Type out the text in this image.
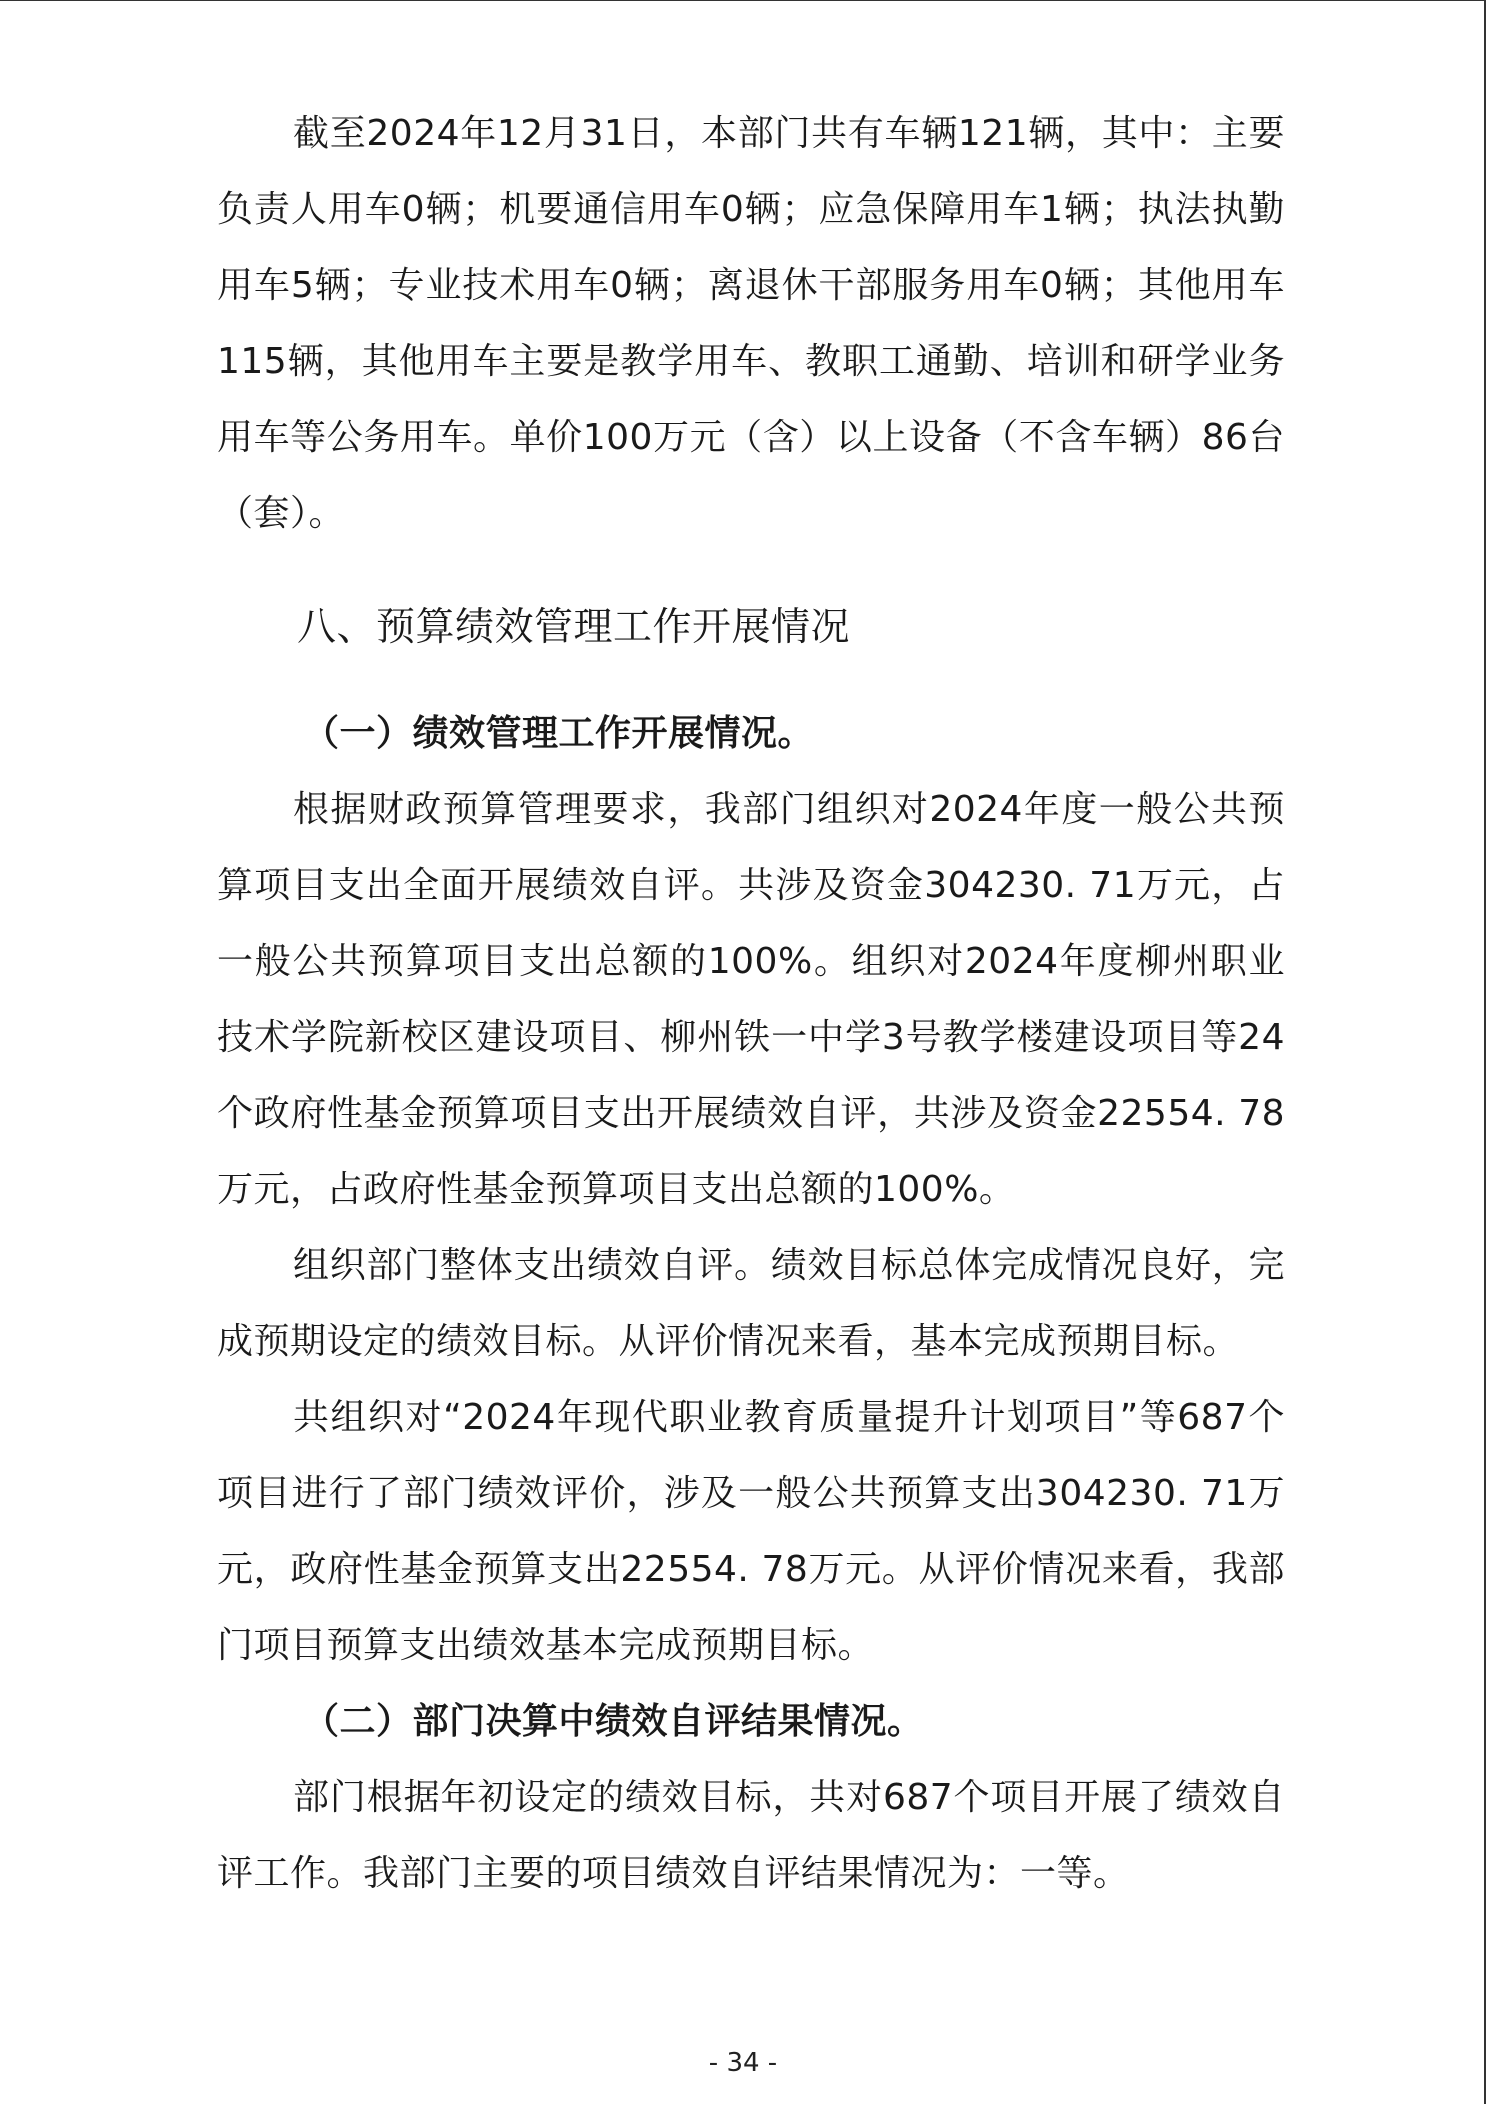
截至2024年12月31日，本部门共有车辆121辆，其中：主要负责人用车0辆；机要通信用车0辆；应急保障用车1辆；执法执勤用车5辆；专业技术用车0辆；离退休干部服务用车0辆；其他用车115辆，其他用车主要是教学用车、教职工通勤、培训和研学业务用车等公务用车。单价100万元（含）以上设备（不含车辆）86台（套）。

八、预算绩效管理工作开展情况
（一）绩效管理工作开展情况。

根据财政预算管理要求，我部门组织对2024年度一般公共预算项目支出全面开展绩效自评。共涉及资金304230. 71万元，占一般公共预算项目支出总额的100%。组织对2024年度柳州职业技术学院新校区建设项目、柳州铁一中学3号教学楼建设项目等24个政府性基金预算项目支出开展绩效自评，共涉及资金22554. 78万元，占政府性基金预算项目支出总额的100%。

组织部门整体支出绩效自评。绩效目标总体完成情况良好，完成预期设定的绩效目标。从评价情况来看，基本完成预期目标。

共组织对“2024年现代职业教育质量提升计划项目”等687个项目进行了部门绩效评价，涉及一般公共预算支出304230. 71万元，政府性基金预算支出22554. 78万元。从评价情况来看，我部门项目预算支出绩效基本完成预期目标。

（二）部门决算中绩效自评结果情况。

部门根据年初设定的绩效目标，共对687个项目开展了绩效自评工作。我部门主要的项目绩效自评结果情况为：一等。

- 34 -
